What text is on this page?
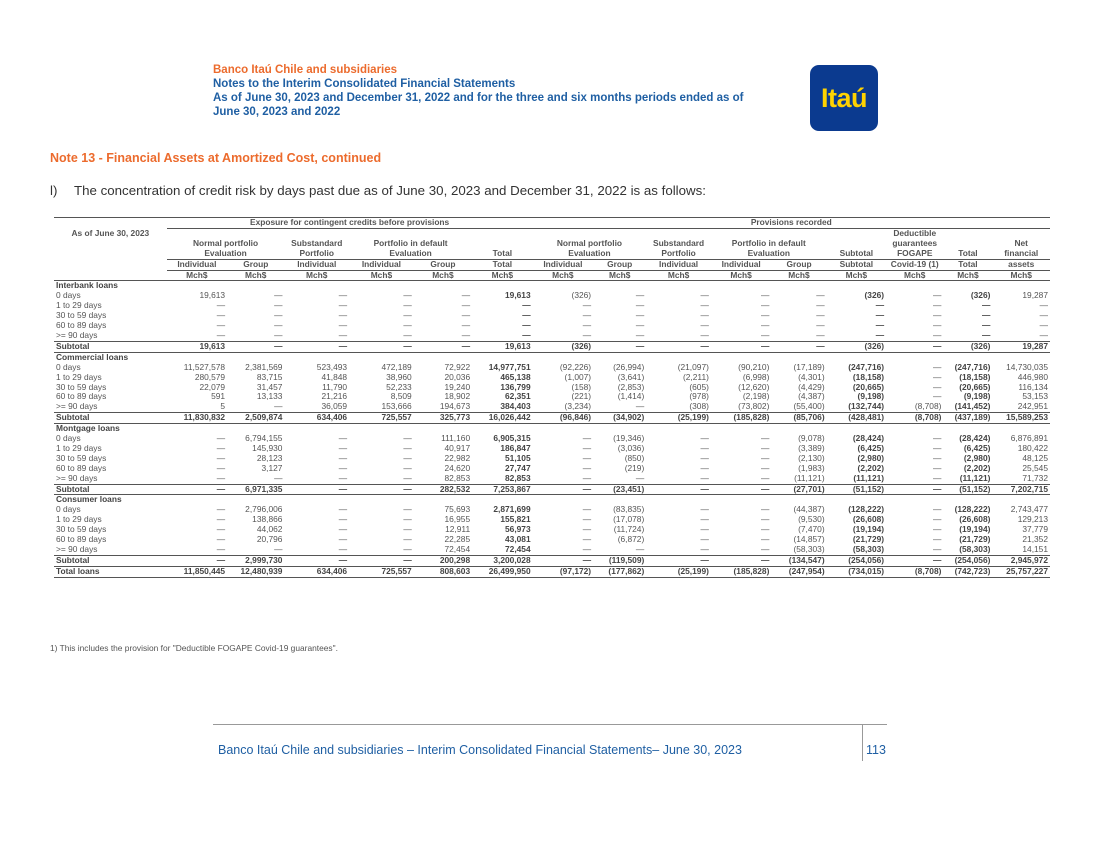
Banco Itaú Chile and subsidiaries
Notes to the Interim Consolidated Financial Statements
As of June 30, 2023 and December 31, 2022 and for the three and six months periods ended as of
June 30, 2023 and 2022	Itaú
Note 13 - Financial Assets at Amortized Cost, continued
l) The concentration of credit risk by days past due as of June 30, 2023 and December 31, 2022 is as follows:
	Exposure for contingent credits before provisions						Provisions recorded								
As of June 30, 2023													Deductible		
	Normal portfolio		Substandard	Portfolio in default			Normal portfolio		Substandard	Portfolio in default			guarantees		Net
	Evaluation		Portfolio	Evaluation		Total	Evaluation		Portfolio	Evaluation		Subtotal	FOGAPE	Total	financial
	Individual	Group	Individual	Individual	Group	Total	Individual	Group	Individual	Individual	Group	Subtotal	Covid-19 (1)	Total	assets
	Mch$	Mch$	Mch$	Mch$	Mch$	Mch$	Mch$	Mch$	Mch$	Mch$	Mch$	Mch$	Mch$	Mch$	Mch$
Interbank loans															
0 days	19,613	—	—	—	—	19,613	(326)	—	—	—	—	(326)	—	(326)	19,287
1 to 29 days	—	—	—	—	—	—	—	—	—	—	—	—	—	—	—
30 to 59 days	—	—	—	—	—	—	—	—	—	—	—	—	—	—	—
60 to 89 days	—	—	—	—	—	—	—	—	—	—	—	—	—	—	—
>= 90 days	—	—	—	—	—	—	—	—	—	—	—	—	—	—	—
Subtotal	19,613	—	—	—	—	19,613	(326)	—	—	—	—	(326)	—	(326)	19,287
Commercial loans															
0 days	11,527,578	2,381,569	523,493	472,189	72,922	14,977,751	(92,226)	(26,994)	(21,097)	(90,210)	(17,189)	(247,716)	—	(247,716)	14,730,035
1 to 29 days	280,579	83,715	41,848	38,960	20,036	465,138	(1,007)	(3,641)	(2,211)	(6,998)	(4,301)	(18,158)	—	(18,158)	446,980
30 to 59 days	22,079	31,457	11,790	52,233	19,240	136,799	(158)	(2,853)	(605)	(12,620)	(4,429)	(20,665)	—	(20,665)	116,134
60 to 89 days	591	13,133	21,216	8,509	18,902	62,351	(221)	(1,414)	(978)	(2,198)	(4,387)	(9,198)	—	(9,198)	53,153
>= 90 days	5	—	36,059	153,666	194,673	384,403	(3,234)	—	(308)	(73,802)	(55,400)	(132,744)	(8,708)	(141,452)	242,951
Subtotal	11,830,832	2,509,874	634,406	725,557	325,773	16,026,442	(96,846)	(34,902)	(25,199)	(185,828)	(85,706)	(428,481)	(8,708)	(437,189)	15,589,253
Montgage loans															
0 days	—	6,794,155	—	—	111,160	6,905,315	—	(19,346)	—	—	(9,078)	(28,424)	—	(28,424)	6,876,891
1 to 29 days	—	145,930	—	—	40,917	186,847	—	(3,036)	—	—	(3,389)	(6,425)	—	(6,425)	180,422
30 to 59 days	—	28,123	—	—	22,982	51,105	—	(850)	—	—	(2,130)	(2,980)	—	(2,980)	48,125
60 to 89 days	—	3,127	—	—	24,620	27,747	—	(219)	—	—	(1,983)	(2,202)	—	(2,202)	25,545
>= 90 days	—	—	—	—	82,853	82,853	—	—	—	—	(11,121)	(11,121)	—	(11,121)	71,732
Subtotal	—	6,971,335	—	—	282,532	7,253,867	—	(23,451)	—	—	(27,701)	(51,152)	—	(51,152)	7,202,715
Consumer loans															
0 days	—	2,796,006	—	—	75,693	2,871,699	—	(83,835)	—	—	(44,387)	(128,222)	—	(128,222)	2,743,477
1 to 29 days	—	138,866	—	—	16,955	155,821	—	(17,078)	—	—	(9,530)	(26,608)	—	(26,608)	129,213
30 to 59 days	—	44,062	—	—	12,911	56,973	—	(11,724)	—	—	(7,470)	(19,194)	—	(19,194)	37,779
60 to 89 days	—	20,796	—	—	22,285	43,081	—	(6,872)	—	—	(14,857)	(21,729)	—	(21,729)	21,352
>= 90 days	—	—	—	—	72,454	72,454	—	—	—	—	(58,303)	(58,303)	—	(58,303)	14,151
Subtotal	—	2,999,730	—	—	200,298	3,200,028	—	(119,509)	—	—	(134,547)	(254,056)	—	(254,056)	2,945,972
Total loans	11,850,445	12,480,939	634,406	725,557	808,603	26,499,950	(97,172)	(177,862)	(25,199)	(185,828)	(247,954)	(734,015)	(8,708)	(742,723)	25,757,227
1) This includes the provision for "Deductible FOGAPE Covid-19 guarantees".
Banco Itaú Chile and subsidiaries – Interim Consolidated Financial Statements– June 30, 2023	113
